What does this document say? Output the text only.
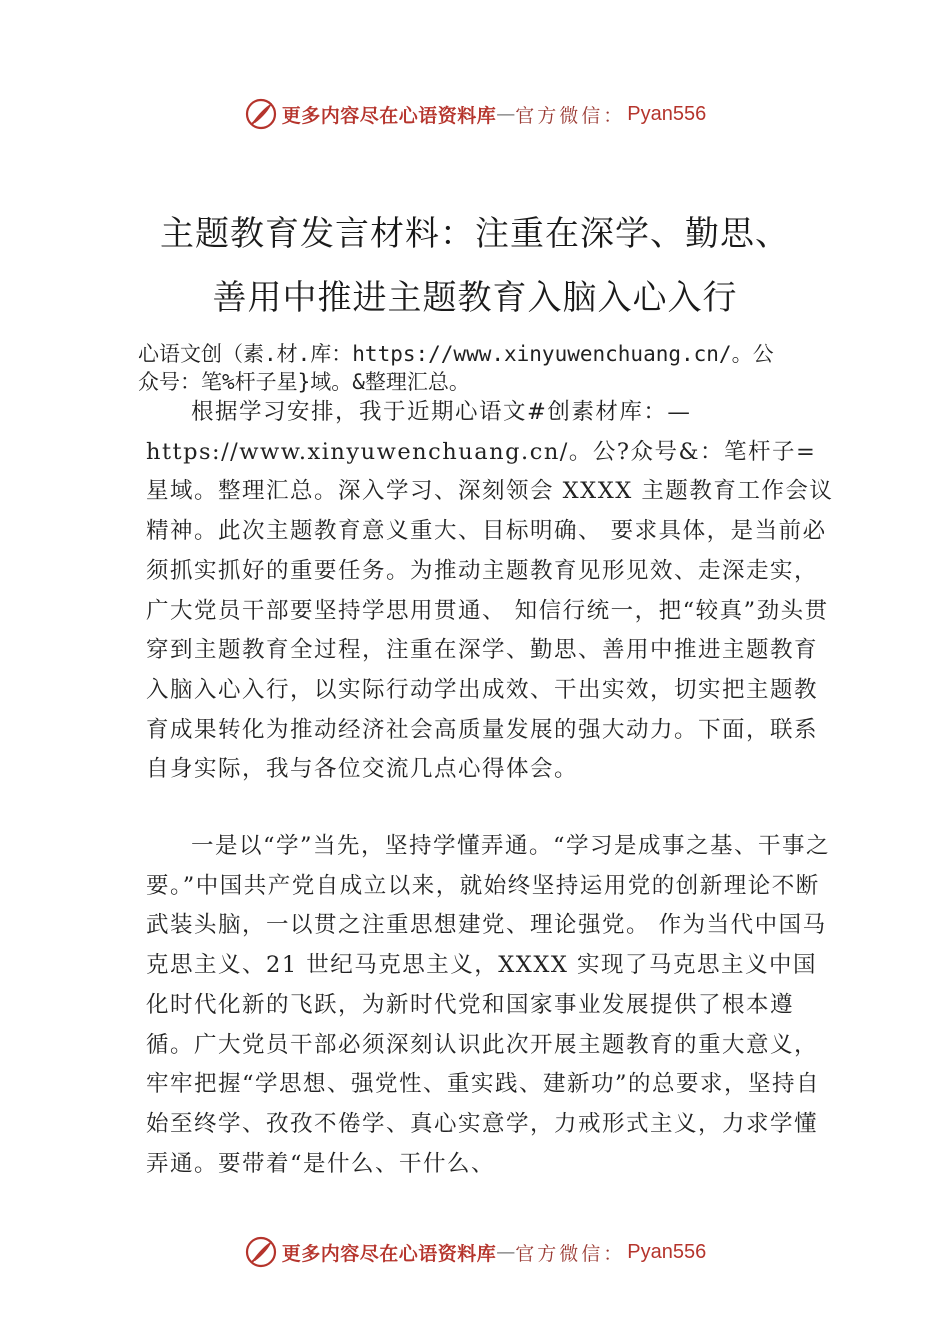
更多内容尽在心语资料库 — 官方微信： Pyan556
主题教育发言材料：注重在深学、勤思、
善用中推进主题教育入脑入心入行

心语文创（素.材.库：https://www.xinyuwenchuang.cn/。公
众号：笔%杆子星}域。&整理汇总。

根据学习安排，我于近期心语文#创素材库：— https://www.xinyuwenchuang.cn/。公?众号&：笔杆子=星域。整理汇总。深入学习、深刻领会 XXXX 主题教育工作会议精神。此次主题教育意义重大、目标明确、 要求具体，是当前必须抓实抓好的重要任务。为推动主题教育见形见效、走深走实，广大党员干部要坚持学思用贯通、 知信行统一，把“较真”劲头贯穿到主题教育全过程，注重在深学、勤思、善用中推进主题教育入脑入心入行，以实际行动学出成效、干出实效，切实把主题教育成果转化为推动经济社会高质量发展的强大动力。下面，联系自身实际，我与各位交流几点心得体会。

一是以“学”当先，坚持学懂弄通。“学习是成事之基、干事之要。”中国共产党自成立以来，就始终坚持运用党的创新理论不断武装头脑，一以贯之注重思想建党、理论强党。 作为当代中国马克思主义、21 世纪马克思主义，XXXX 实现了马克思主义中国化时代化新的飞跃，为新时代党和国家事业发展提供了根本遵循。广大党员干部必须深刻认识此次开展主题教育的重大意义，牢牢把握“学思想、强党性、重实践、建新功”的总要求，坚持自始至终学、孜孜不倦学、真心实意学，力戒形式主义，力求学懂弄通。要带着“是什么、干什么、

更多内容尽在心语资料库 — 官方微信： Pyan556
